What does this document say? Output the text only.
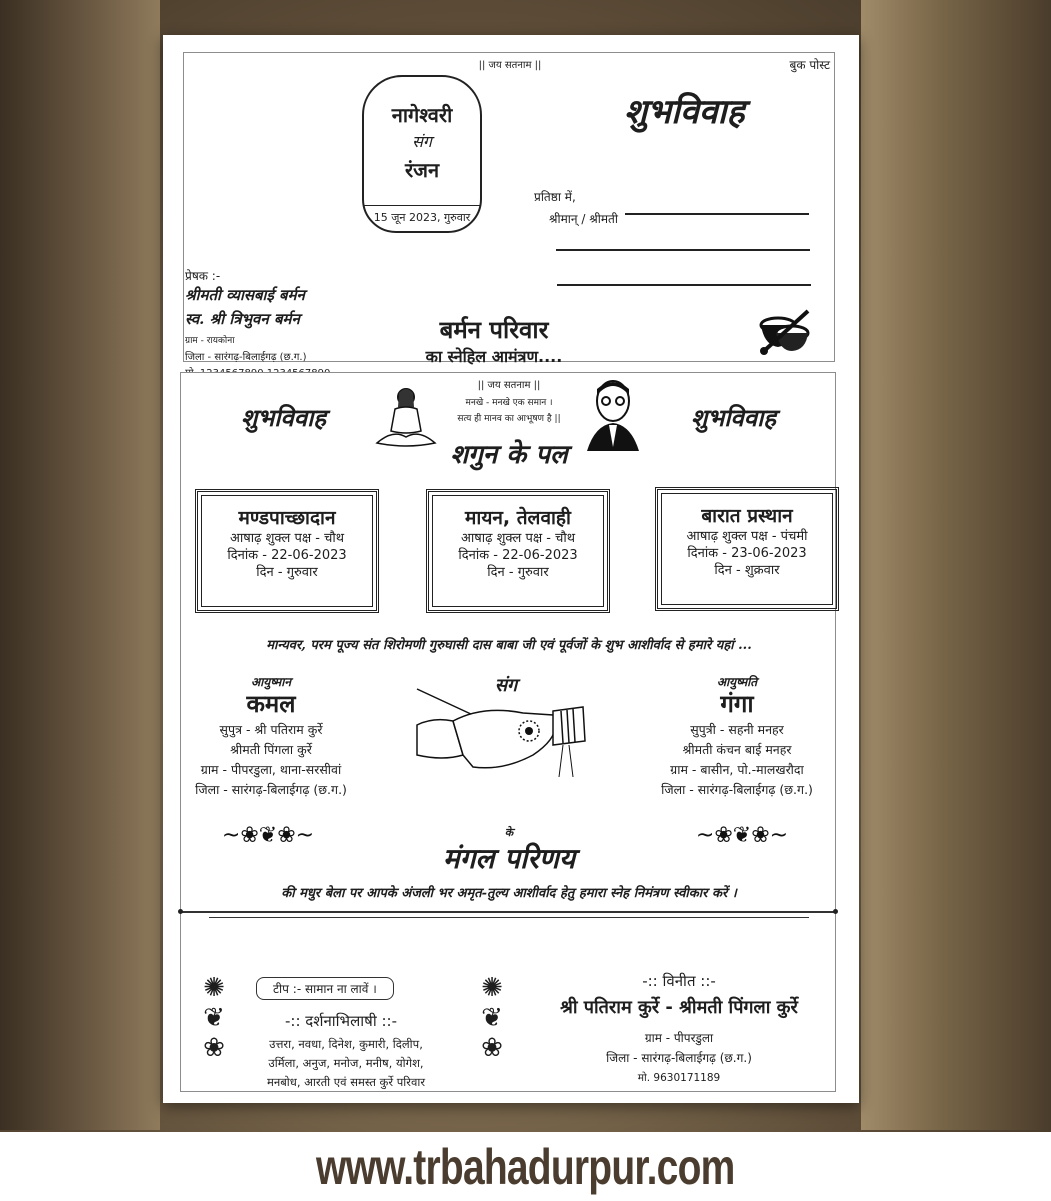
|| जय सतनाम ||	बुक पोस्ट
नागेश्वरी
संग
रंजन
15 जून 2023, गुरुवार
शुभविवाह
प्रतिष्ठा में,
श्रीमान् / श्रीमती
प्रेषक :-
श्रीमती व्यासबाई बर्मन
स्व. श्री त्रिभुवन बर्मन
ग्राम - रायकोना
जिला - सारंगढ़-बिलाईगढ़ (छ.ग.)
बर्मन परिवार
का स्नेहिल आमंत्रण....
|| जय सतनाम ||
मनखे - मनखे एक समान ।
सत्य ही मानव का आभूषण है ||
शुभविवाह	शुभविवाह
शगुन के पल
मण्डपाच्छादान
आषाढ़ शुक्ल पक्ष - चौथ
दिनांक - 22-06-2023
दिन - गुरुवार
मायन, तेलवाही
आषाढ़ शुक्ल पक्ष - चौथ
दिनांक - 22-06-2023
दिन - गुरुवार
बारात प्रस्थान
आषाढ़ शुक्ल पक्ष - पंचमी
दिनांक - 23-06-2023
दिन - शुक्रवार
मान्यवर, परम पूज्य संत शिरोमणी गुरुघासी दास बाबा जी एवं पूर्वजों के शुभ आशीर्वाद से हमारे यहां ...
आयुष्मान
कमल
सुपुत्र - श्री पतिराम कुर्रे
श्रीमती पिंगला कुर्रे
ग्राम - पीपरडुला, थाना-सरसीवां
जिला - सारंगढ़-बिलाईगढ़ (छ.ग.)
संग	आयुष्मति
गंगा
सुपुत्री - सहनी मनहर
श्रीमती कंचन बाई मनहर
ग्राम - बासीन, पो.-मालखरौदा
जिला - सारंगढ़-बिलाईगढ़ (छ.ग.)
~❀❦❀~	~❀❦❀~
के
मंगल परिणय
की मधुर बेला पर आपके अंजली भर अमृत-तुल्य आशीर्वाद हेतु हमारा स्नेह निमंत्रण स्वीकार करें ।
✺
❦
❀
टीप :- सामान ना लावें ।
-:: दर्शनाभिलाषी ::-
उत्तरा, नवधा, दिनेश, कुमारी, दिलीप,
उर्मिला, अनुज, मनोज, मनीष, योगेश,
मनबोध, आरती एवं समस्त कुर्रे परिवार
✺
❦
❀
-:: विनीत ::-
श्री पतिराम कुर्रे - श्रीमती पिंगला कुर्रे
ग्राम - पीपरडुला
जिला - सारंगढ़-बिलाईगढ़ (छ.ग.)
मो. 9630171189
www.trbahadurpur.com
